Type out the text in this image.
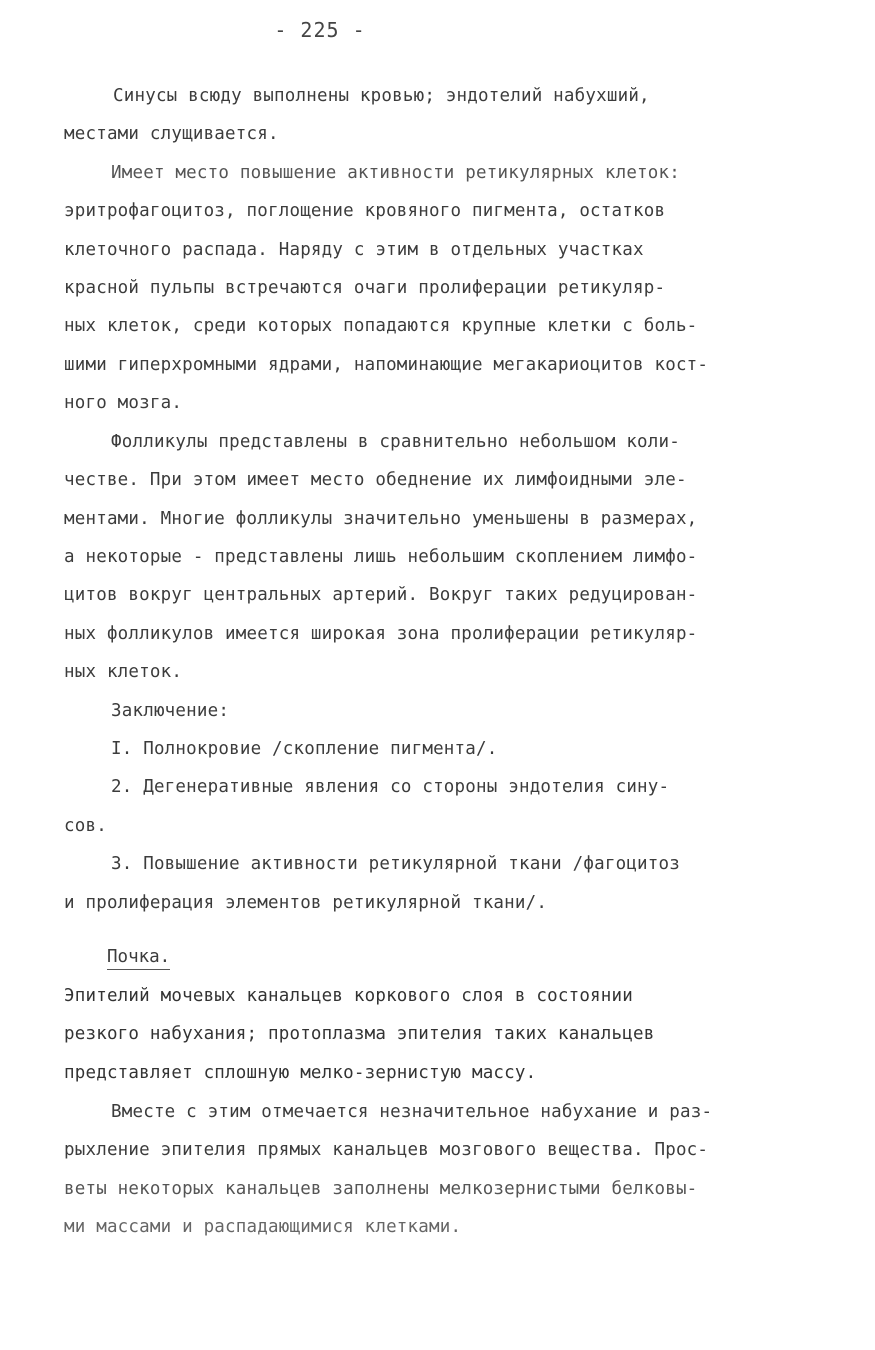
- 225 -
Синусы всюду выполнены кровью; эндотелий набухший,
местами слущивается.
Имеет место повышение активности ретикулярных клеток:
эритрофагоцитоз, поглощение кровяного пигмента, остатков
клеточного распада. Наряду с этим в отдельных участках
красной пульпы встречаются очаги пролиферации ретикуляр-
ных клеток, среди которых попадаются крупные клетки с боль-
шими гиперхромными ядрами, напоминающие мегакариоцитов кост-
ного мозга.
Фолликулы представлены в сравнительно небольшом коли-
честве. При этом имеет место обеднение их лимфоидными эле-
ментами. Многие фолликулы значительно уменьшены в размерах,
а некоторые - представлены лишь небольшим скоплением лимфо-
цитов вокруг центральных артерий. Вокруг таких редуцирован-
ных фолликулов имеется широкая зона пролиферации ретикуляр-
ных клеток.
Заключение:
I. Полнокровие /скопление пигмента/.
2. Дегенеративные явления со стороны эндотелия сину-
сов.
3. Повышение активности ретикулярной ткани /фагоцитоз
и пролиферация элементов ретикулярной ткани/.
Почка.
Эпителий мочевых канальцев коркового слоя в состоянии
резкого набухания; протоплазма эпителия таких канальцев
представляет сплошную мелко-зернистую массу.
Вместе с этим отмечается незначительное набухание и раз-
рыхление эпителия прямых канальцев мозгового вещества. Прос-
веты некоторых канальцев заполнены мелкозернистыми белковы-
ми массами и распадающимися клетками.
